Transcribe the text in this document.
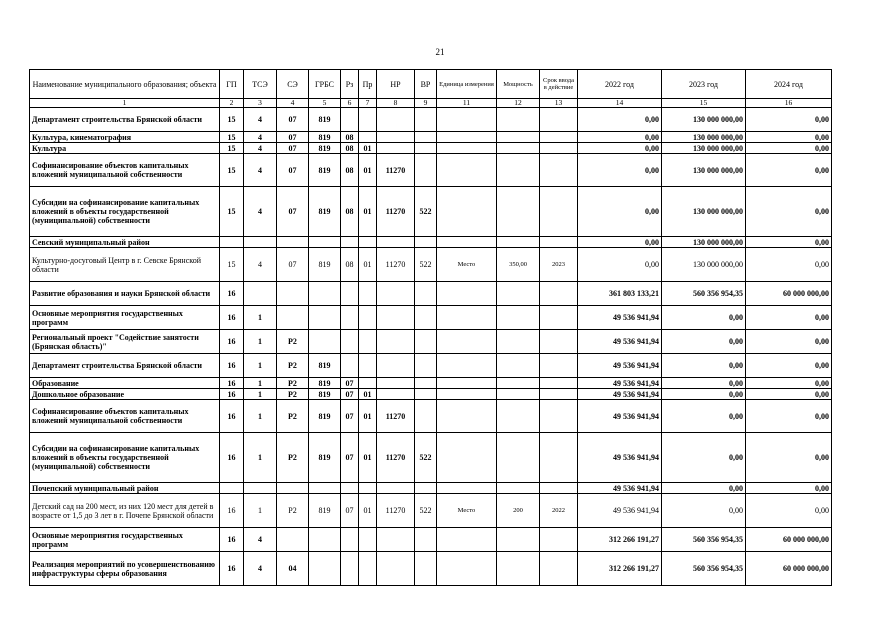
21
Наименование муниципального образования; объекта	ГП	ТСЭ	СЭ	ГРБС	Рз	Пр	НР	ВР	Единица измерения	Мощность	Срок ввода в действие	2022 год	2023 год	2024 год
1	2	3	4	5	6	7	8	9	11	12	13	14	15	16
Департамент строительства Брянской области	15	4	07	819								0,00	130 000 000,00	0,00
Культура, кинематография	15	4	07	819	08							0,00	130 000 000,00	0,00
Культура	15	4	07	819	08	01						0,00	130 000 000,00	0,00
Софинансирование объектов капитальных вложений муниципальной собственности	15	4	07	819	08	01	11270					0,00	130 000 000,00	0,00
Субсидии на софинансирование капитальных вложений в объекты государственной (муниципальной) собственности	15	4	07	819	08	01	11270	522				0,00	130 000 000,00	0,00
Севский муниципальный район												0,00	130 000 000,00	0,00
Культурно-досуговый Центр в г. Севске Брянской области	15	4	07	819	08	01	11270	522	Место	350,00	2023	0,00	130 000 000,00	0,00
Развитие образования и науки Брянской области	16											361 803 133,21	560 356 954,35	60 000 000,00
Основные мероприятия государственных программ	16	1										49 536 941,94	0,00	0,00
Региональный проект "Содействие занятости (Брянская область)"	16	1	P2									49 536 941,94	0,00	0,00
Департамент строительства Брянской области	16	1	P2	819								49 536 941,94	0,00	0,00
Образование	16	1	P2	819	07							49 536 941,94	0,00	0,00
Дошкольное образование	16	1	P2	819	07	01						49 536 941,94	0,00	0,00
Софинансирование объектов капитальных вложений муниципальной собственности	16	1	P2	819	07	01	11270					49 536 941,94	0,00	0,00
Субсидии на софинансирование капитальных вложений в объекты государственной (муниципальной) собственности	16	1	P2	819	07	01	11270	522				49 536 941,94	0,00	0,00
Почепский муниципальный район												49 536 941,94	0,00	0,00
Детский сад на 200 мест, из них 120 мест для детей в возрасте от 1,5 до 3 лет в г. Почепе Брянской области	16	1	P2	819	07	01	11270	522	Место	200	2022	49 536 941,94	0,00	0,00
Основные мероприятия государственных программ	16	4										312 266 191,27	560 356 954,35	60 000 000,00
Реализация мероприятий по усовершенствованию инфраструктуры сферы образования	16	4	04									312 266 191,27	560 356 954,35	60 000 000,00
